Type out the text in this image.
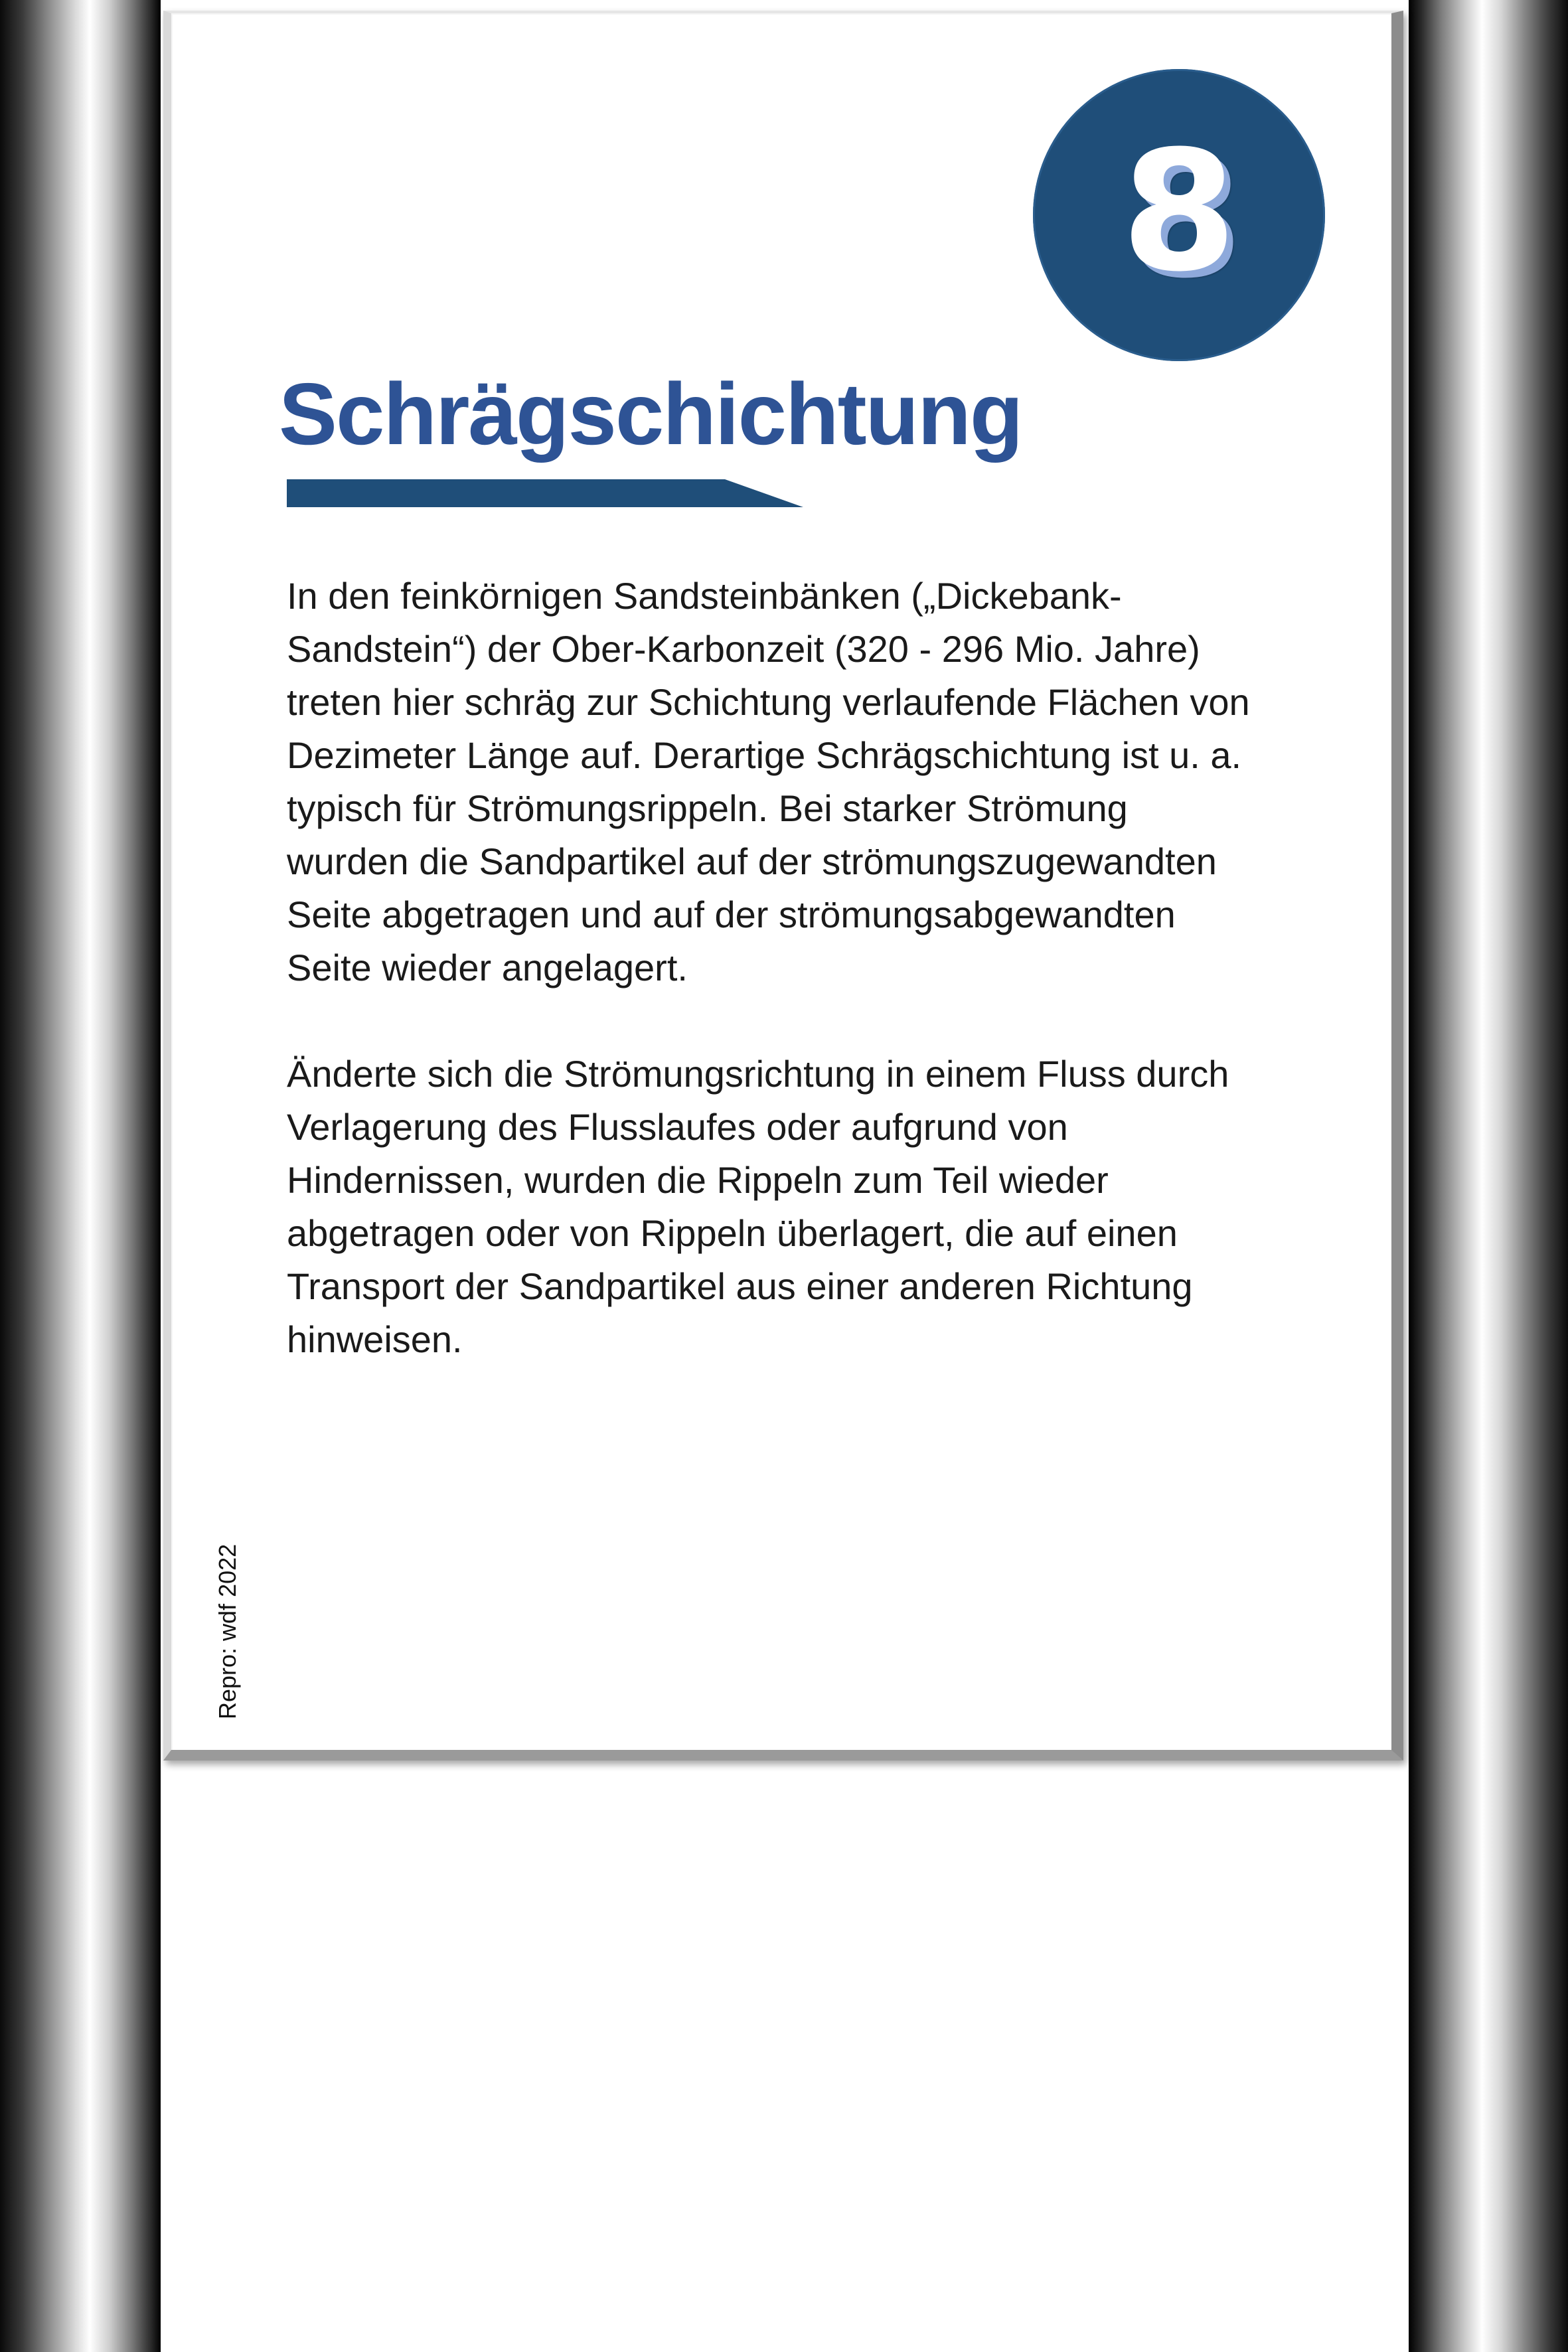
8
Schrägschichtung

In den feinkörnigen Sandsteinbänken („Dickebank-
Sandstein“) der Ober-Karbonzeit (320 - 296 Mio. Jahre)
treten hier schräg zur Schichtung verlaufende Flächen von
Dezimeter Länge auf. Derartige Schrägschichtung ist u. a.
typisch für Strömungsrippeln. Bei starker Strömung
wurden die Sandpartikel auf der strömungszugewandten
Seite abgetragen und auf der strömungsabgewandten
Seite wieder angelagert.

Änderte sich die Strömungsrichtung in einem Fluss durch
Verlagerung des Flusslaufes oder aufgrund von
Hindernissen, wurden die Rippeln zum Teil wieder
abgetragen oder von Rippeln überlagert, die auf einen
Transport der Sandpartikel aus einer anderen Richtung
hinweisen.

Repro: wdf 2022
